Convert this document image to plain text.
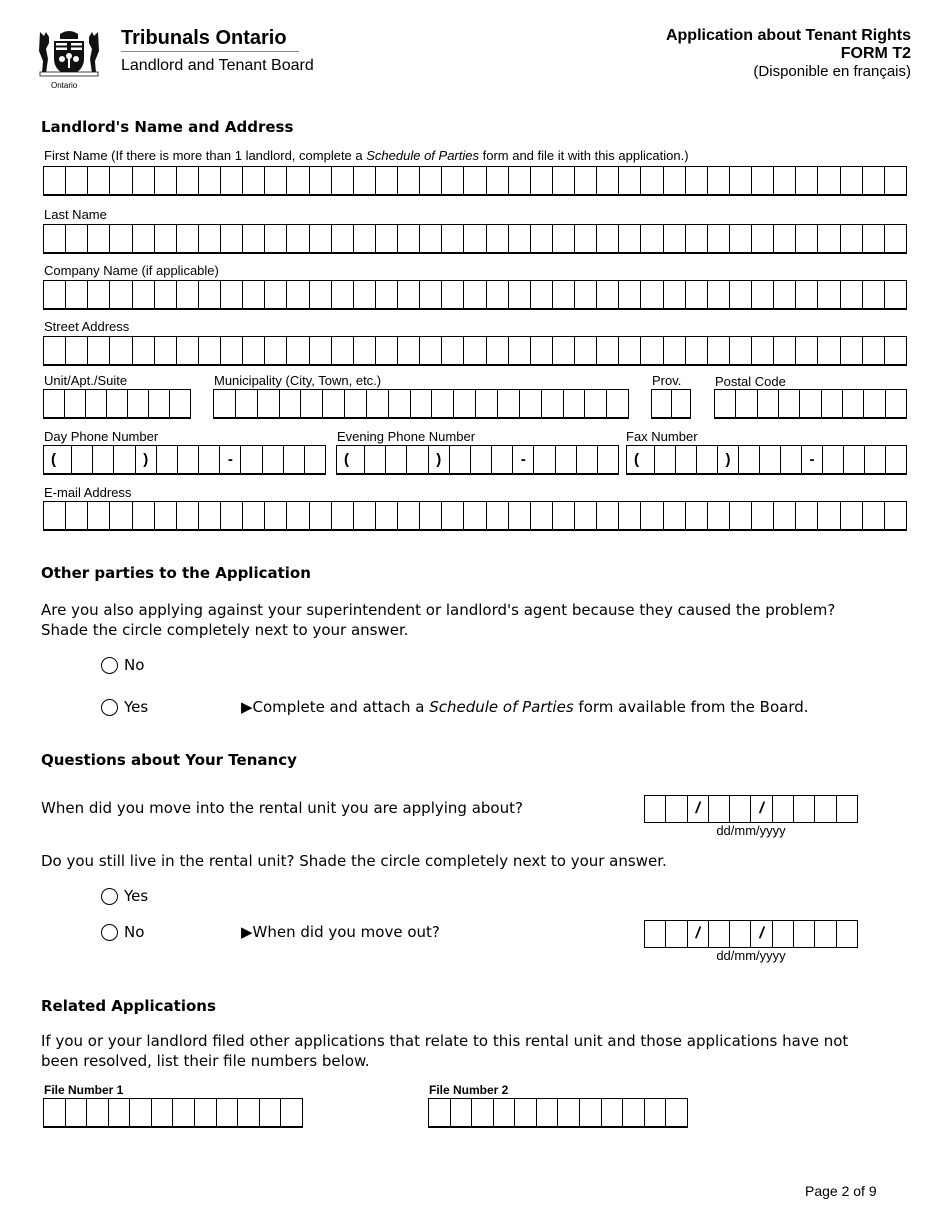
Ontario
Tribunals Ontario
Landlord and Tenant Board
Application about Tenant Rights
FORM T2
(Disponible en français)
Landlord's Name and Address
First Name (If there is more than 1 landlord, complete a Schedule of Parties form and file it with this application.)
Last Name
Company Name (if applicable)
Street Address
Unit/Apt./Suite	Municipality (City, Town, etc.)	Prov.	Postal Code
Day Phone Number	Evening Phone Number	Fax Number
(	)	-	(	)	-	(	)	-
E-mail Address
Other parties to the Application
Are you also applying against your superintendent or landlord's agent because they caused the problem?
Shade the circle completely next to your answer.
No
Yes	▶Complete and attach a Schedule of Parties form available from the Board.
Questions about Your Tenancy
When did you move into the rental unit you are applying about?	/	/
dd/mm/yyyy
Do you still live in the rental unit? Shade the circle completely next to your answer.
Yes
No	▶When did you move out?	/	/
dd/mm/yyyy
Related Applications
If you or your landlord filed other applications that relate to this rental unit and those applications have not
been resolved, list their file numbers below.
File Number 1	File Number 2
Page 2 of 9
